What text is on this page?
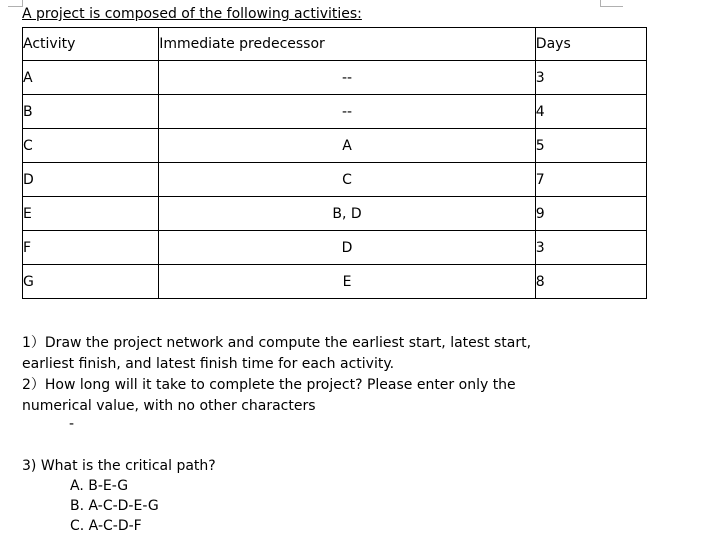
A project is composed of the following activities:
Activity	Immediate predecessor	Days
A	--	3
B	--	4
C	A	5
D	C	7
E	B, D	9
F	D	3
G	E	8

1）Draw the project network and compute the earliest start, latest start, earliest finish, and latest finish time for each activity.

2）How long will it take to complete the project? Please enter only the numerical value, with no other characters

-
3) What is the critical path?
A. B-E-G
B. A-C-D-E-G
C. A-C-D-F
